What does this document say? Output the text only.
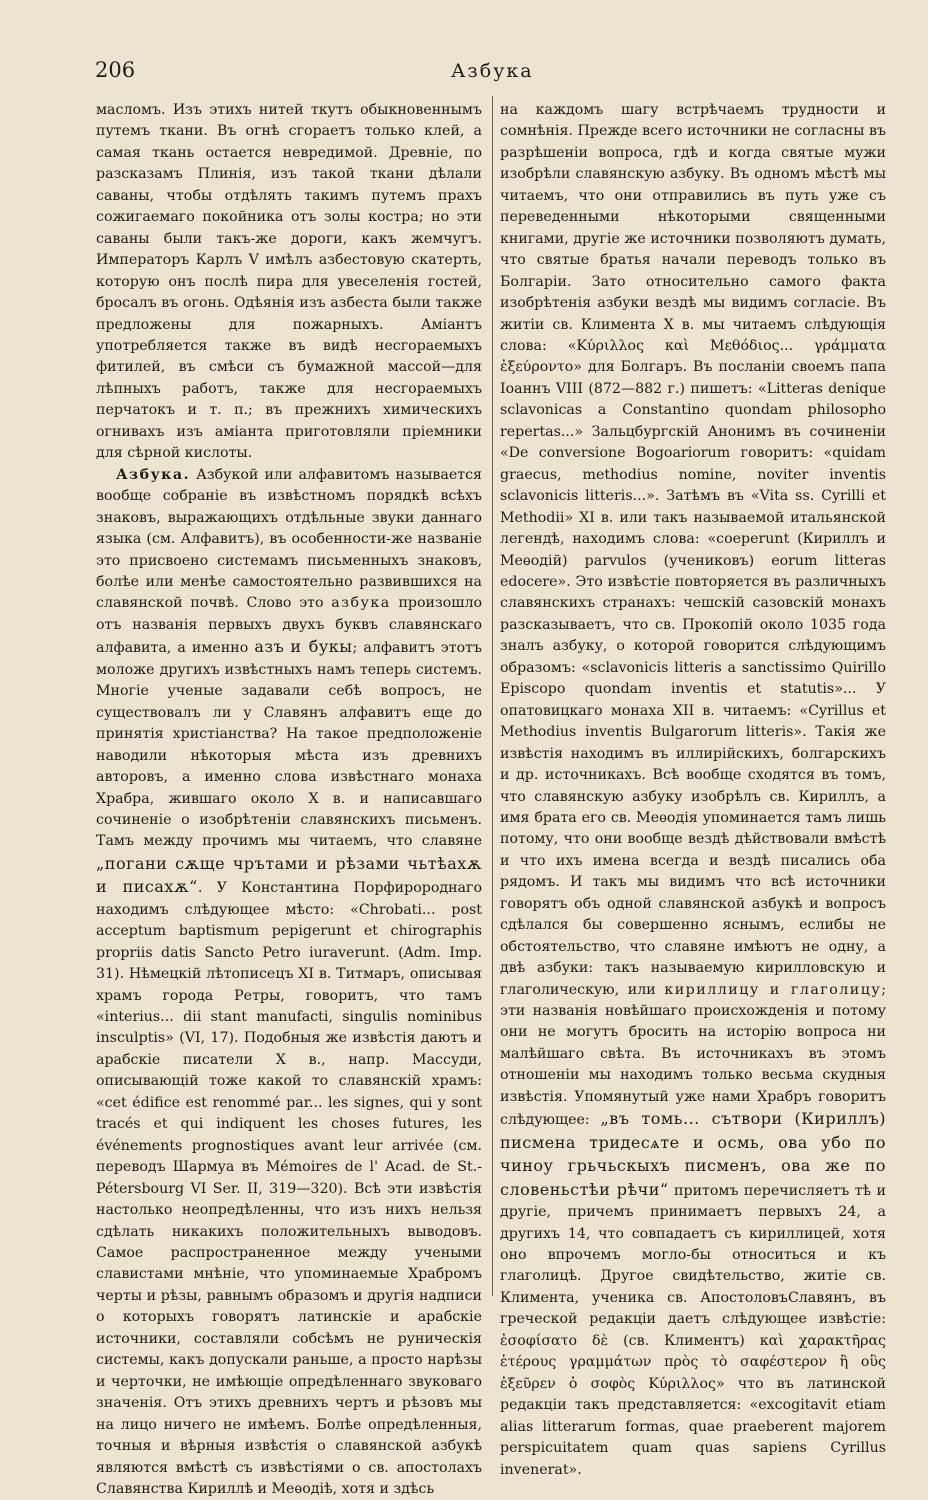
206	Азбука

масломъ. Изъ этихъ нитей ткутъ обыкновеннымъ путемъ ткани. Въ огнѣ сгораетъ только клей, а самая ткань остается невредимой. Древніе, по разсказамъ Плинія, изъ такой ткани дѣлали саваны, чтобы отдѣлять такимъ путемъ прахъ сожигаемаго покойника отъ золы костра; но эти саваны были такъ-же дороги, какъ жемчугъ. Императоръ Карлъ V имѣлъ азбестовую скатерть, которую онъ послѣ пира для увеселенія гостей, бросалъ въ огонь. Одѣянія изъ азбеста были также предложены для пожарныхъ. Аміантъ употребляется также въ видѣ несгораемыхъ фитилей, въ смѣси съ бумажной массой—для лѣпныхъ работъ, также для несгораемыхъ перчатокъ и т. п.; въ прежнихъ химическихъ огнивахъ изъ аміанта приготовляли пріемники для сѣрной кислоты.

Азбука. Азбукой или алфавитомъ называется вообще собраніе въ извѣстномъ порядкѣ всѣхъ знаковъ, выражающихъ отдѣльные звуки даннаго языка (см. Алфавитъ), въ особенности-же названіе это присвоено системамъ письменныхъ знаковъ, болѣе или менѣе самостоятельно развившихся на славянской почвѣ. Слово это азбука произошло отъ названія первыхъ двухъ буквъ славянскаго алфавита, а именно азъ и букы; алфавитъ этотъ моложе другихъ извѣстныхъ намъ теперь системъ. Многіе ученые задавали себѣ вопросъ, не существовалъ ли у Славянъ алфавитъ еще до принятія христіанства? На такое предположеніе наводили нѣкоторыя мѣста изъ древнихъ авторовъ, а именно слова извѣстнаго монаха Храбра, жившаго около X в. и написавшаго сочиненіе о изобрѣтеніи славянскихъ письменъ. Тамъ между прочимъ мы читаемъ, что славяне „погани сѫще чрътами и рѣзами чьтѣахѫ и писахѫ“. У Константина Порфиророднаго находимъ слѣдующее мѣсто: «Chrobati... post acceptum baptismum pepigerunt et chirographis propriis datis Sancto Petro iuraverunt. (Adm. Imp. 31). Нѣмецкій лѣтописецъ XI в. Титмаръ, описывая храмъ города Ретры, говоритъ, что тамъ «interius... dii stant manufacti, singulis nominibus insculptis» (VI, 17). Подобныя же извѣстія даютъ и арабскіе писатели X в., напр. Массуди, описывающій тоже какой то славянскій храмъ: «cet édifice est renommé par... les signes, qui y sont tracés et qui indiquent les choses futures, les événements prognostiques avant leur arrivée (см. переводъ Шармуа въ Mémoires de l' Acad. de St.-Pétersbourg VI Ser. II, 319—320). Всѣ эти извѣстія настолько неопредѣленны, что изъ нихъ нельзя сдѣлать никакихъ положительныхъ выводовъ. Самое распространенное между учеными славистами мнѣніе, что упоминаемые Храбромъ черты и рѣзы, равнымъ образомъ и другія надписи о которыхъ говорятъ латинскіе и арабскіе источники, составляли собсѣмъ не руническія системы, какъ допускали раньше, а просто нарѣзы и черточки, не имѣющіе опредѣленнаго звуковаго значенія. Отъ этихъ древнихъ чертъ и рѣзовъ мы на лицо ничего не имѣемъ. Болѣе опредѣленныя, точныя и вѣрныя извѣстія о славянской азбукѣ являются вмѣстѣ съ извѣстіями о св. апостолахъ Славянства Кириллѣ и Меѳодіѣ, хотя и здѣсь

на каждомъ шагу встрѣчаемъ трудности и сомнѣнія. Прежде всего источники не согласны въ разрѣшеніи вопроса, гдѣ и когда святые мужи изобрѣли славянскую азбуку. Въ одномъ мѣстѣ мы читаемъ, что они отправились въ путь уже съ переведенными нѣкоторыми священными книгами, другіе же источники позволяютъ думать, что святые братья начали переводъ только въ Болгаріи. Зато относительно самого факта изобрѣтенія азбуки вездѣ мы видимъ согласіе. Въ житіи св. Климента X в. мы читаемъ слѣдующія слова: «Κύριλλος καὶ Μεθόδιος... γράμματα ἐξεύροντο» для Болгаръ. Въ посланіи своемъ папа Іоаннъ VIII (872—882 г.) пишетъ: «Litteras denique sclavonicas a Constantino quondam philosopho repertas...» Зальцбургскій Анонимъ въ сочиненіи «De conversione Bogoariorum говоритъ: «quidam graecus, methodius nomine, noviter inventis sclavonicis litteris...». Затѣмъ въ «Vita ss. Cyrilli et Methodii» XI в. или такъ называемой итальянской легендѣ, находимъ слова: «coeperunt (Кириллъ и Меѳодій) parvulos (учениковъ) eorum litteras edocere». Это извѣстіе повторяется въ различныхъ славянскихъ странахъ: чешскій сазовскій монахъ разсказываетъ, что св. Прокопій около 1035 года зналъ азбуку, о которой говорится слѣдующимъ образомъ: «sclavonicis litteris a sanctissimo Quirillo Episcopo quondam inventis et statutis»... У опатовицкаго монаха XII в. читаемъ: «Cyrillus et Methodius inventis Bulgarorum litteris». Такія же извѣстія находимъ въ иллирійскихъ, болгарскихъ и др. источникахъ. Всѣ вообще сходятся въ томъ, что славянскую азбуку изобрѣлъ св. Кириллъ, а имя брата его св. Меѳодія упоминается тамъ лишь потому, что они вообще вездѣ дѣйствовали вмѣстѣ и что ихъ имена всегда и вездѣ писались оба рядомъ. И такъ мы видимъ что всѣ источники говорятъ объ одной славянской азбукѣ и вопросъ сдѣлался бы совершенно яснымъ, еслибы не обстоятельство, что славяне имѣютъ не одну, а двѣ азбуки: такъ называемую кирилловскую и глаголическую, или кириллицу и глаголицу; эти названія новѣйшаго происхожденія и потому они не могутъ бросить на исторію вопроса ни малѣйшаго свѣта. Въ источникахъ въ этомъ отношеніи мы находимъ только весьма скудныя извѣстія. Упомянутый уже нами Храбръ говоритъ слѣдующее: „въ томь... сътвори (Кириллъ) писмена тридесѧте и осмь, ова убо по чиноу грьчьскыхъ писменъ, ова же по словеньстѣи рѣчи“ притомъ перечисляетъ тѣ и другіе, причемъ принимаетъ первыхъ 24, а другихъ 14, что совпадаетъ съ кириллицей, хотя оно впрочемъ могло-бы относиться и къ глаголицѣ. Другое свидѣтельство, житіе св. Климента, ученика св. АпостоловъСлавянъ, въ греческой редакціи даетъ слѣдующее извѣстіе: ἐσοφίσατο δὲ (св. Климентъ) καὶ χαρακτῆρας ἑτέρους γραμμάτων πρὸς τὸ σαφέστερον ἢ οὓς ἐξεῦρεν ὁ σοφὸς Κύριλλος» что въ латинской редакціи такъ представляется: «excogitavit etiam alias litterarum formas, quae praeberent majorem perspicuitatem quam quas sapiens Cyrillus invenerat».
